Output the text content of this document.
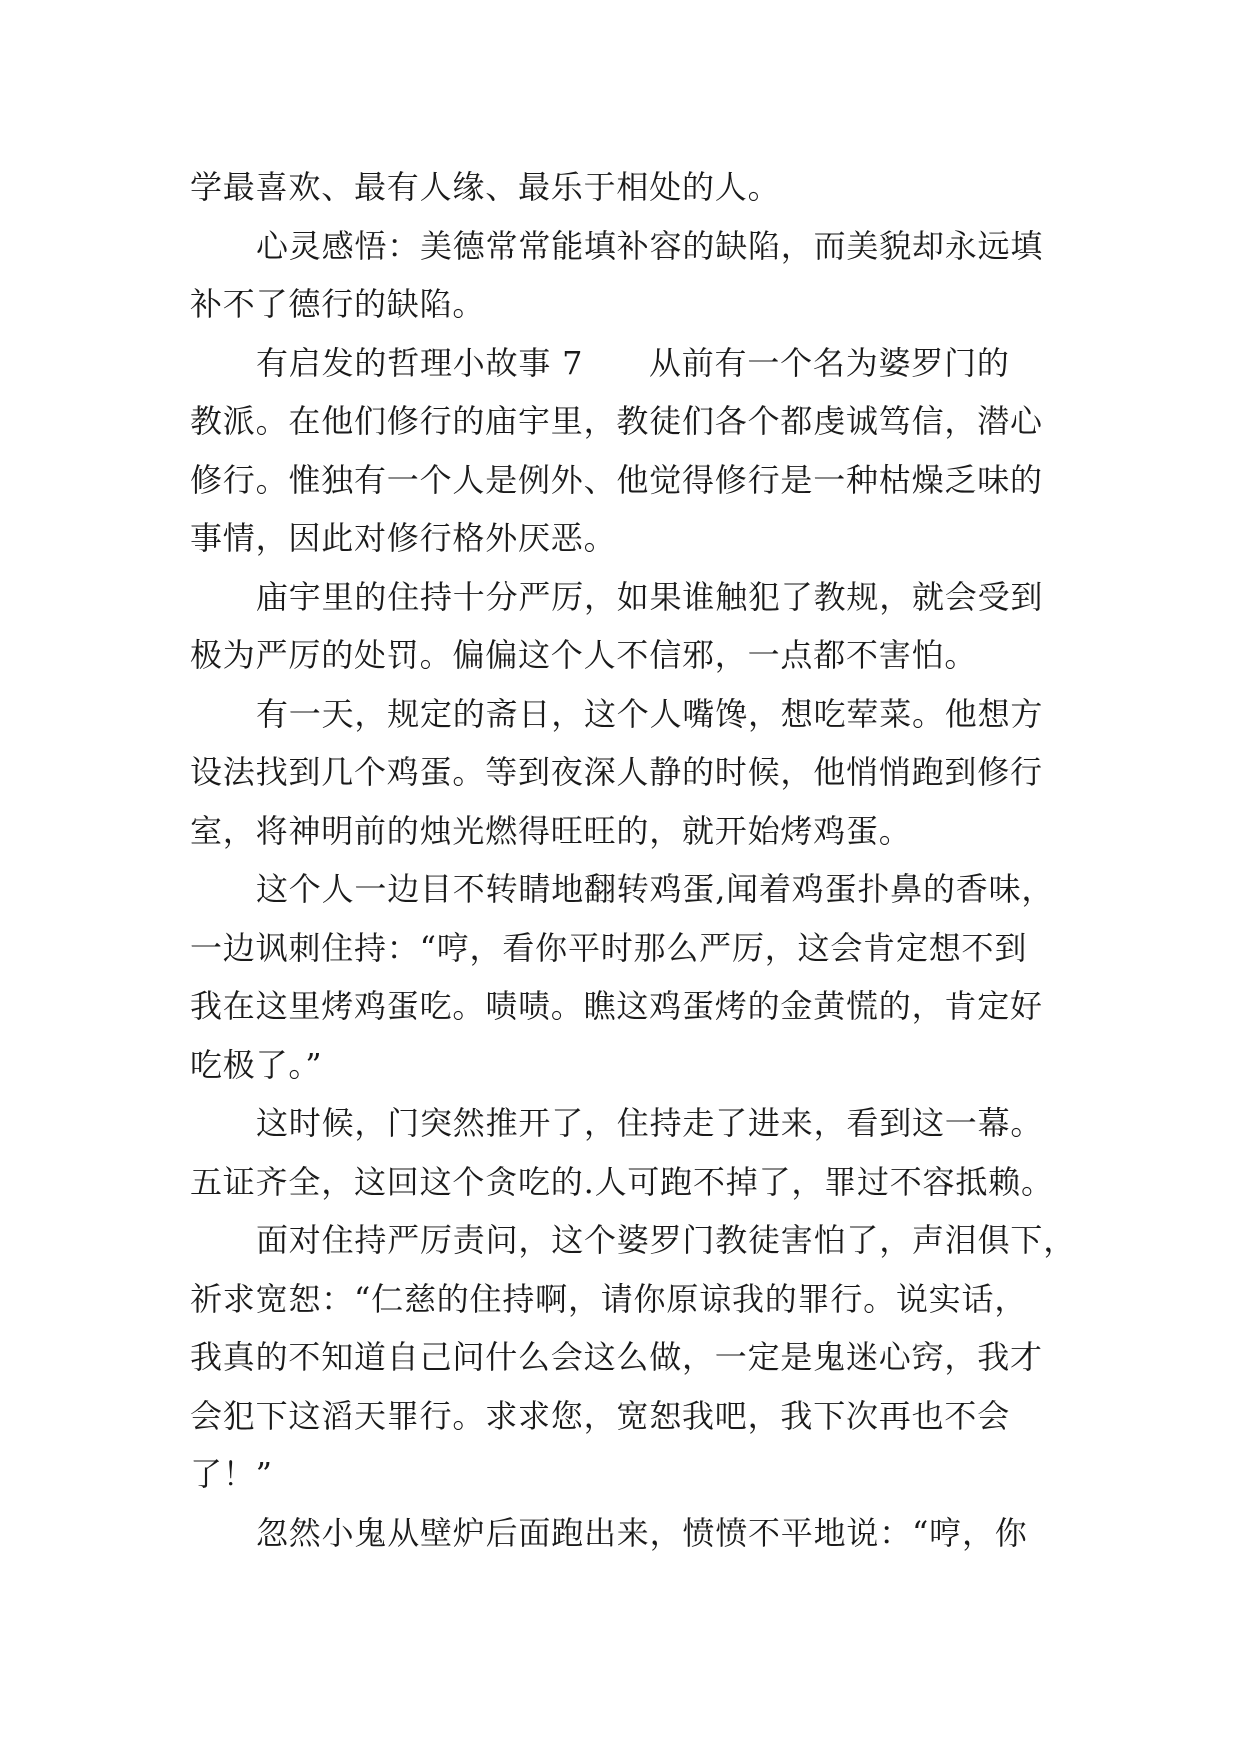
学最喜欢、最有人缘、最乐于相处的人。
心灵感悟：美德常常能填补容的缺陷，而美貌却永远填
补不了德行的缺陷。
有启发的哲理小故事 7　　从前有一个名为婆罗门的
教派。在他们修行的庙宇里，教徒们各个都虔诚笃信，潜心
修行。惟独有一个人是例外、他觉得修行是一种枯燥乏味的
事情，因此对修行格外厌恶。
庙宇里的住持十分严厉，如果谁触犯了教规，就会受到
极为严厉的处罚。偏偏这个人不信邪，一点都不害怕。
有一天，规定的斋日，这个人嘴馋，想吃荤菜。他想方
设法找到几个鸡蛋。等到夜深人静的时候，他悄悄跑到修行
室，将神明前的烛光燃得旺旺的，就开始烤鸡蛋。
这个人一边目不转睛地翻转鸡蛋,闻着鸡蛋扑鼻的香味，
一边讽刺住持：“哼，看你平时那么严厉，这会肯定想不到
我在这里烤鸡蛋吃。啧啧。瞧这鸡蛋烤的金黄慌的，肯定好
吃极了。”
这时候，门突然推开了，住持走了进来，看到这一幕。
五证齐全，这回这个贪吃的.人可跑不掉了，罪过不容抵赖。
面对住持严厉责问，这个婆罗门教徒害怕了，声泪俱下，
祈求宽恕：“仁慈的住持啊，请你原谅我的罪行。说实话，
我真的不知道自己问什么会这么做，一定是鬼迷心窍，我才
会犯下这滔天罪行。求求您，宽恕我吧，我下次再也不会
了！”
忽然小鬼从壁炉后面跑出来，愤愤不平地说：“哼，你
